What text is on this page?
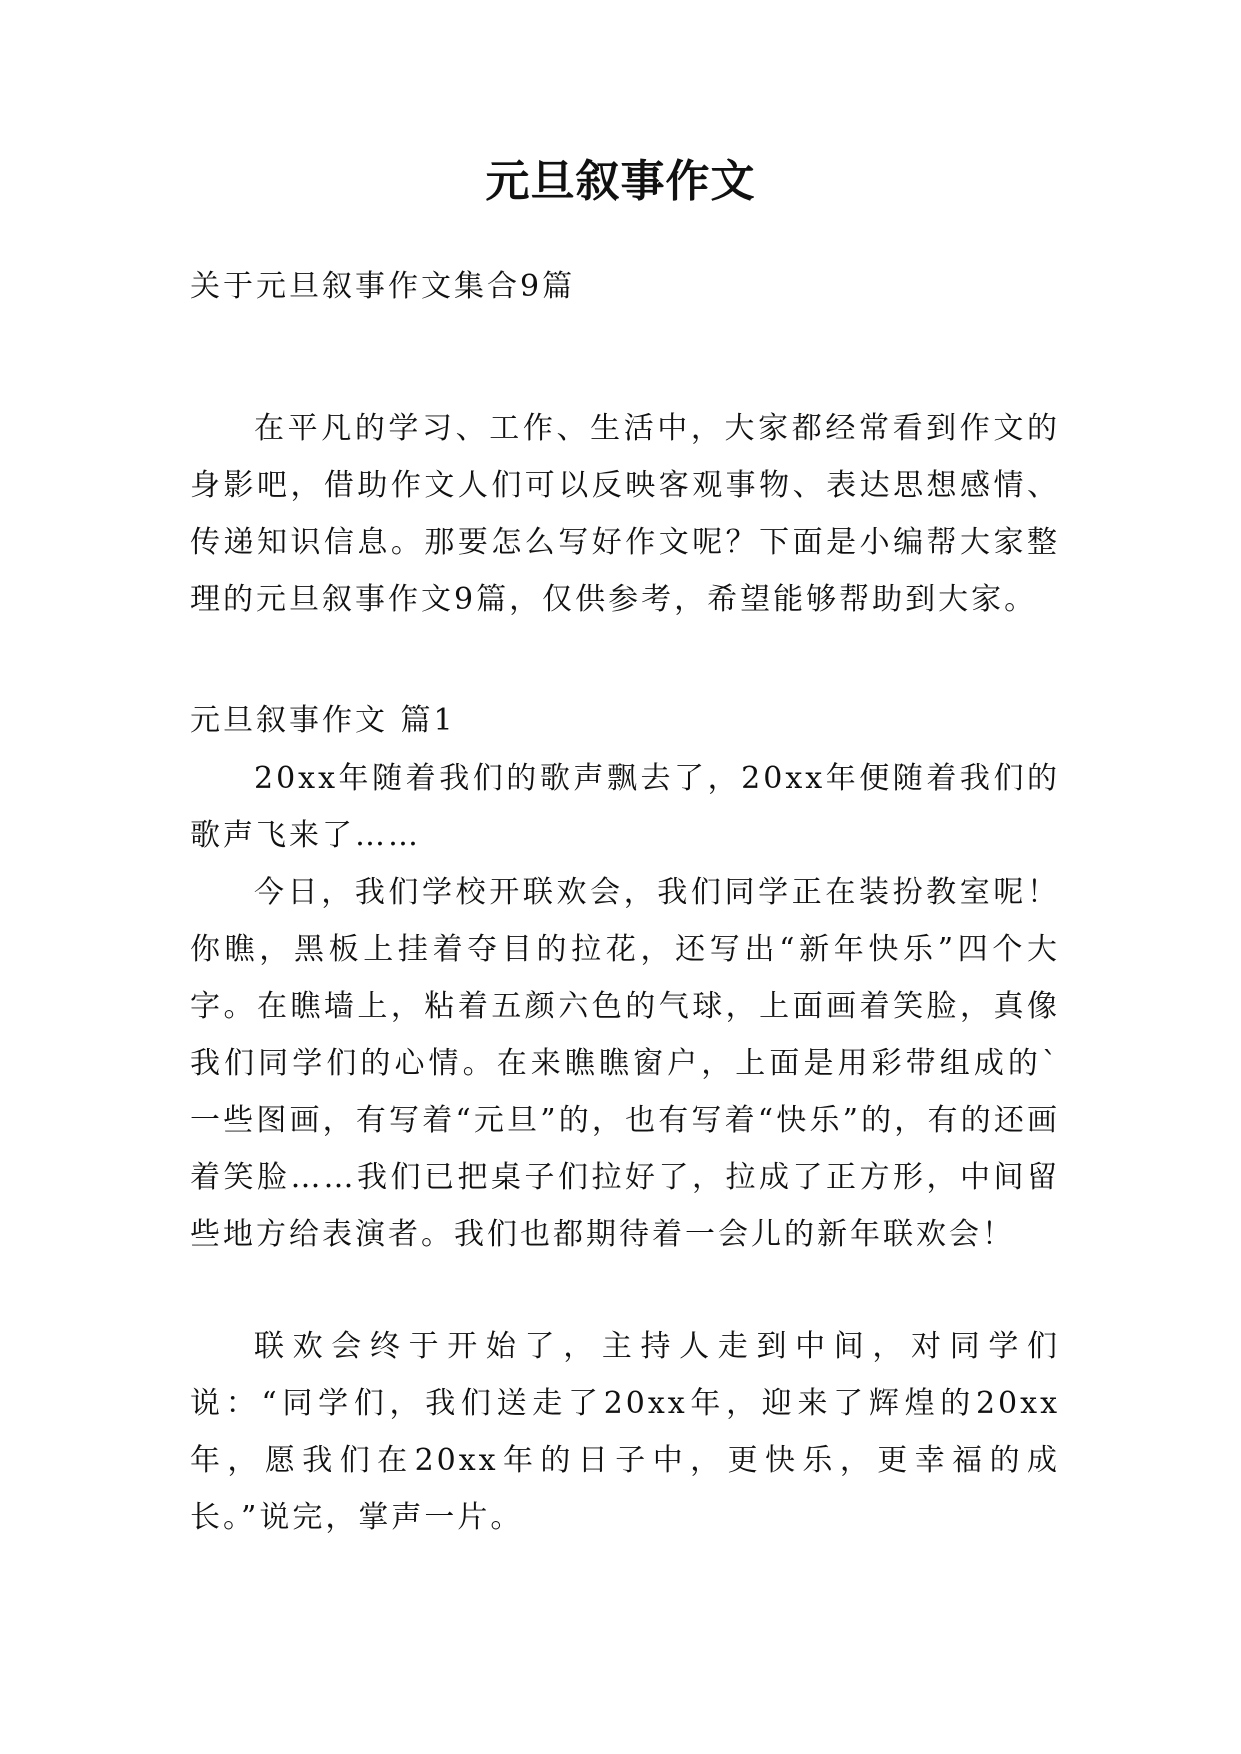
元旦叙事作文
关于元旦叙事作文集合9篇
在平凡的学习、工作、生活中，大家都经常看到作文的身影吧，借助作文人们可以反映客观事物、表达思想感情、传递知识信息。那要怎么写好作文呢？下面是小编帮大家整理的元旦叙事作文9篇，仅供参考，希望能够帮助到大家。
元旦叙事作文 篇1
20xx年随着我们的歌声飘去了，20xx年便随着我们的歌声飞来了……
今日，我们学校开联欢会，我们同学正在装扮教室呢！你瞧，黑板上挂着夺目的拉花，还写出“新年快乐”四个大字。在瞧墙上，粘着五颜六色的气球，上面画着笑脸，真像我们同学们的心情。在来瞧瞧窗户，上面是用彩带组成的`一些图画，有写着“元旦”的，也有写着“快乐”的，有的还画着笑脸……我们已把桌子们拉好了，拉成了正方形，中间留些地方给表演者。我们也都期待着一会儿的新年联欢会！
联欢会终于开始了，主持人走到中间，对同学们说：“同学们，我们送走了20xx年，迎来了辉煌的20xx年，愿我们在20xx年的日子中，更快乐，更幸福的成长。”说完，掌声一片。
